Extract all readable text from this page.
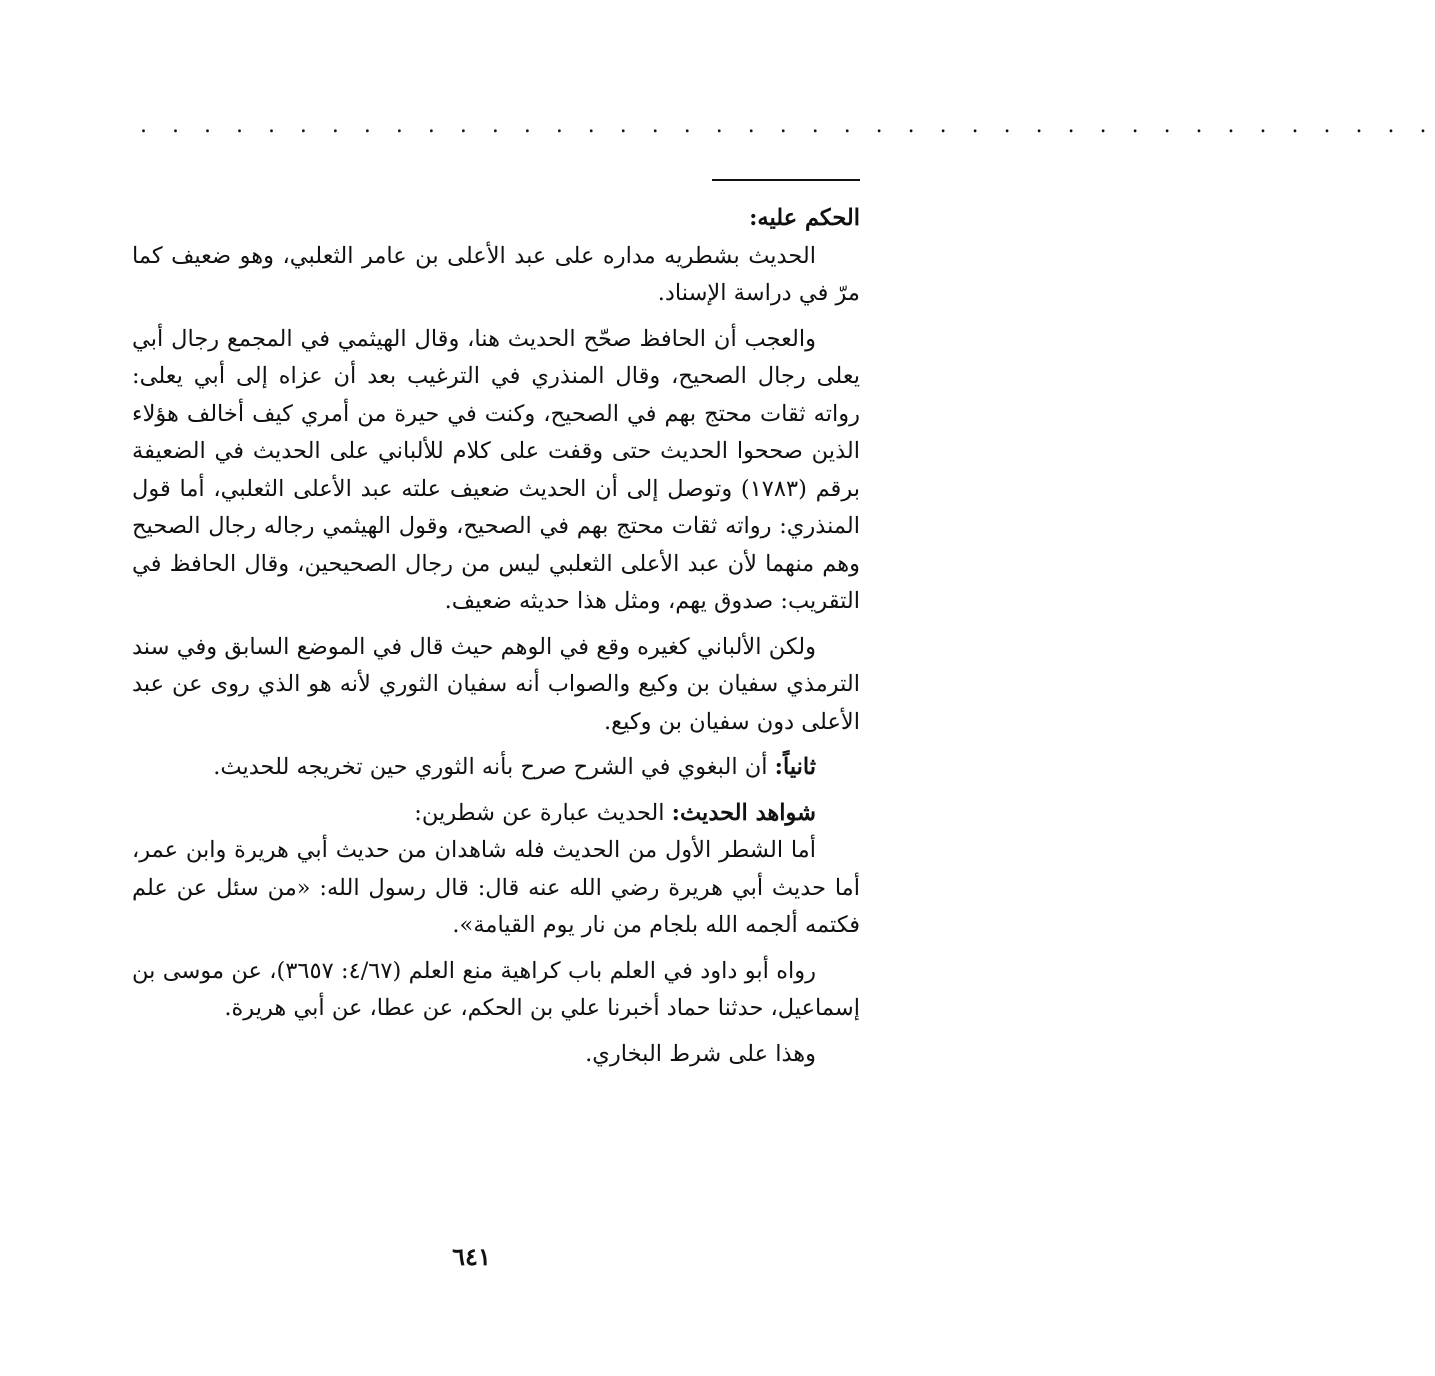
. . . . . . . . . . . . . . . . . . . . . . . . . . . . . . . . . . . . . . . . .

الحكم عليه:

الحديث بشطريه مداره على عبد الأعلى بن عامر الثعلبي، وهو ضعيف كما مرّ في دراسة الإسناد.

والعجب أن الحافظ صحّح الحديث هنا، وقال الهيثمي في المجمع رجال أبي يعلى رجال الصحيح، وقال المنذري في الترغيب بعد أن عزاه إلى أبي يعلى: رواته ثقات محتج بهم في الصحيح، وكنت في حيرة من أمري كيف أخالف هؤلاء الذين صححوا الحديث حتى وقفت على كلام للألباني على الحديث في الضعيفة برقم (١٧٨٣) وتوصل إلى أن الحديث ضعيف علته عبد الأعلى الثعلبي، أما قول المنذري: رواته ثقات محتج بهم في الصحيح، وقول الهيثمي رجاله رجال الصحيح وهم منهما لأن عبد الأعلى الثعلبي ليس من رجال الصحيحين، وقال الحافظ في التقريب: صدوق يهم، ومثل هذا حديثه ضعيف.

ولكن الألباني كغيره وقع في الوهم حيث قال في الموضع السابق وفي سند الترمذي سفيان بن وكيع والصواب أنه سفيان الثوري لأنه هو الذي روى عن عبد الأعلى دون سفيان بن وكيع.

ثانياً: أن البغوي في الشرح صرح بأنه الثوري حين تخريجه للحديث.

شواهد الحديث: الحديث عبارة عن شطرين:

أما الشطر الأول من الحديث فله شاهدان من حديث أبي هريرة وابن عمر، أما حديث أبي هريرة رضي الله عنه قال: قال رسول الله: «من سئل عن علم فكتمه ألجمه الله بلجام من نار يوم القيامة».

رواه أبو داود في العلم باب كراهية منع العلم (٤/٦٧: ٣٦٥٧)، عن موسى بن إسماعيل، حدثنا حماد أخبرنا علي بن الحكم، عن عطا، عن أبي هريرة.

وهذا على شرط البخاري.

٦٤١
